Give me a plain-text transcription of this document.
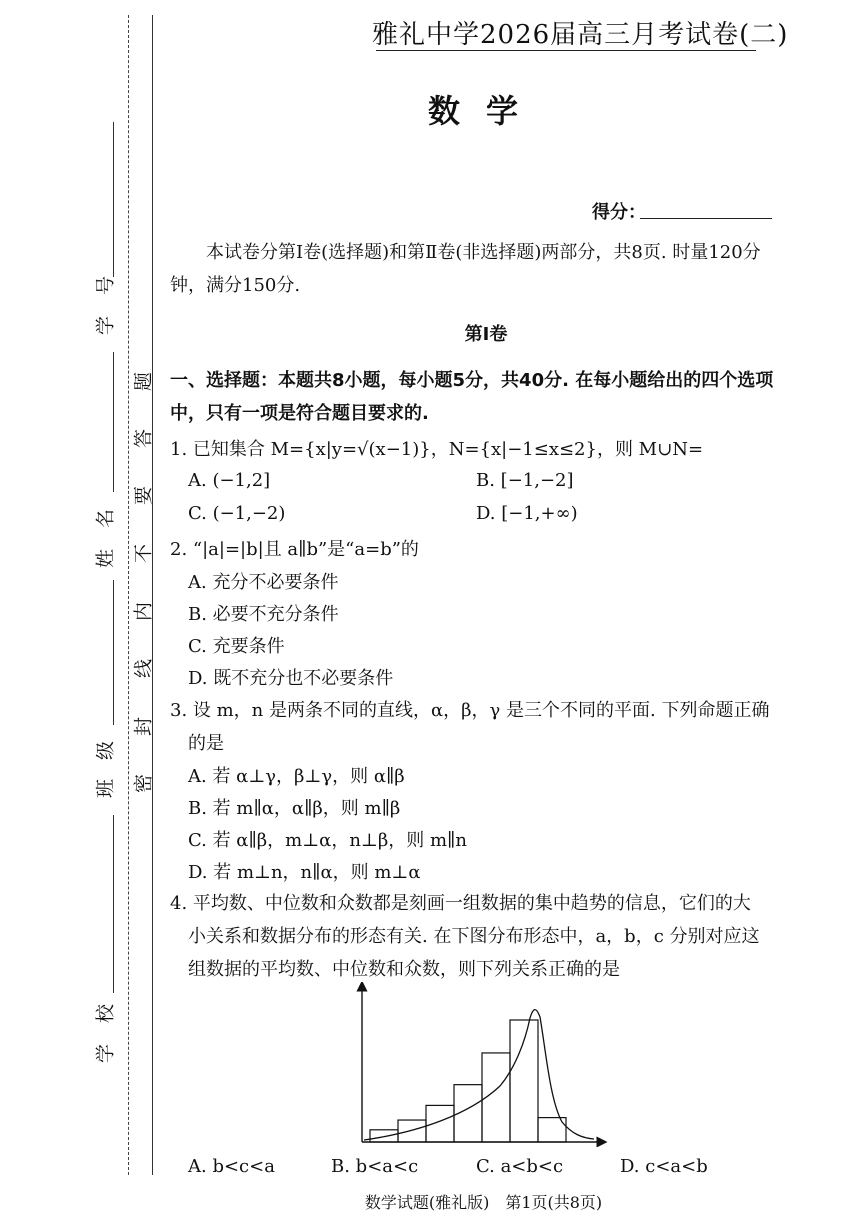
号
学
名
姓
级
班
校
学
题
答
要
不
内
线
封
密
雅礼中学2026届高三月考试卷(二)
数学
得分：
本试卷分第Ⅰ卷(选择题)和第Ⅱ卷(非选择题)两部分，共8页. 时量120分钟，满分150分.
第Ⅰ卷
一、选择题：本题共8小题，每小题5分，共40分. 在每小题给出的四个选项中，只有一项是符合题目要求的.
1. 已知集合 M={x|y=√(x−1)}，N={x|−1≤x≤2}，则 M∪N=
A. (−1,2]	B. [−1,−2]
C. (−1,−2)	D. [−1,+∞)
2. “|a|=|b|且 a∥b”是“a=b”的
A. 充分不必要条件
B. 必要不充分条件
C. 充要条件
D. 既不充分也不必要条件
3. 设 m，n 是两条不同的直线，α，β，γ 是三个不同的平面. 下列命题正确
的是
A. 若 α⊥γ，β⊥γ，则 α∥β
B. 若 m∥α，α∥β，则 m∥β
C. 若 α∥β，m⊥α，n⊥β，则 m∥n
D. 若 m⊥n，n∥α，则 m⊥α
4. 平均数、中位数和众数都是刻画一组数据的集中趋势的信息，它们的大
小关系和数据分布的形态有关. 在下图分布形态中，a，b，c 分别对应这
组数据的平均数、中位数和众数，则下列关系正确的是
A. b<c<a	B. b<a<c	C. a<b<c	D. c<a<b
数学试题(雅礼版)　第1页(共8页)
